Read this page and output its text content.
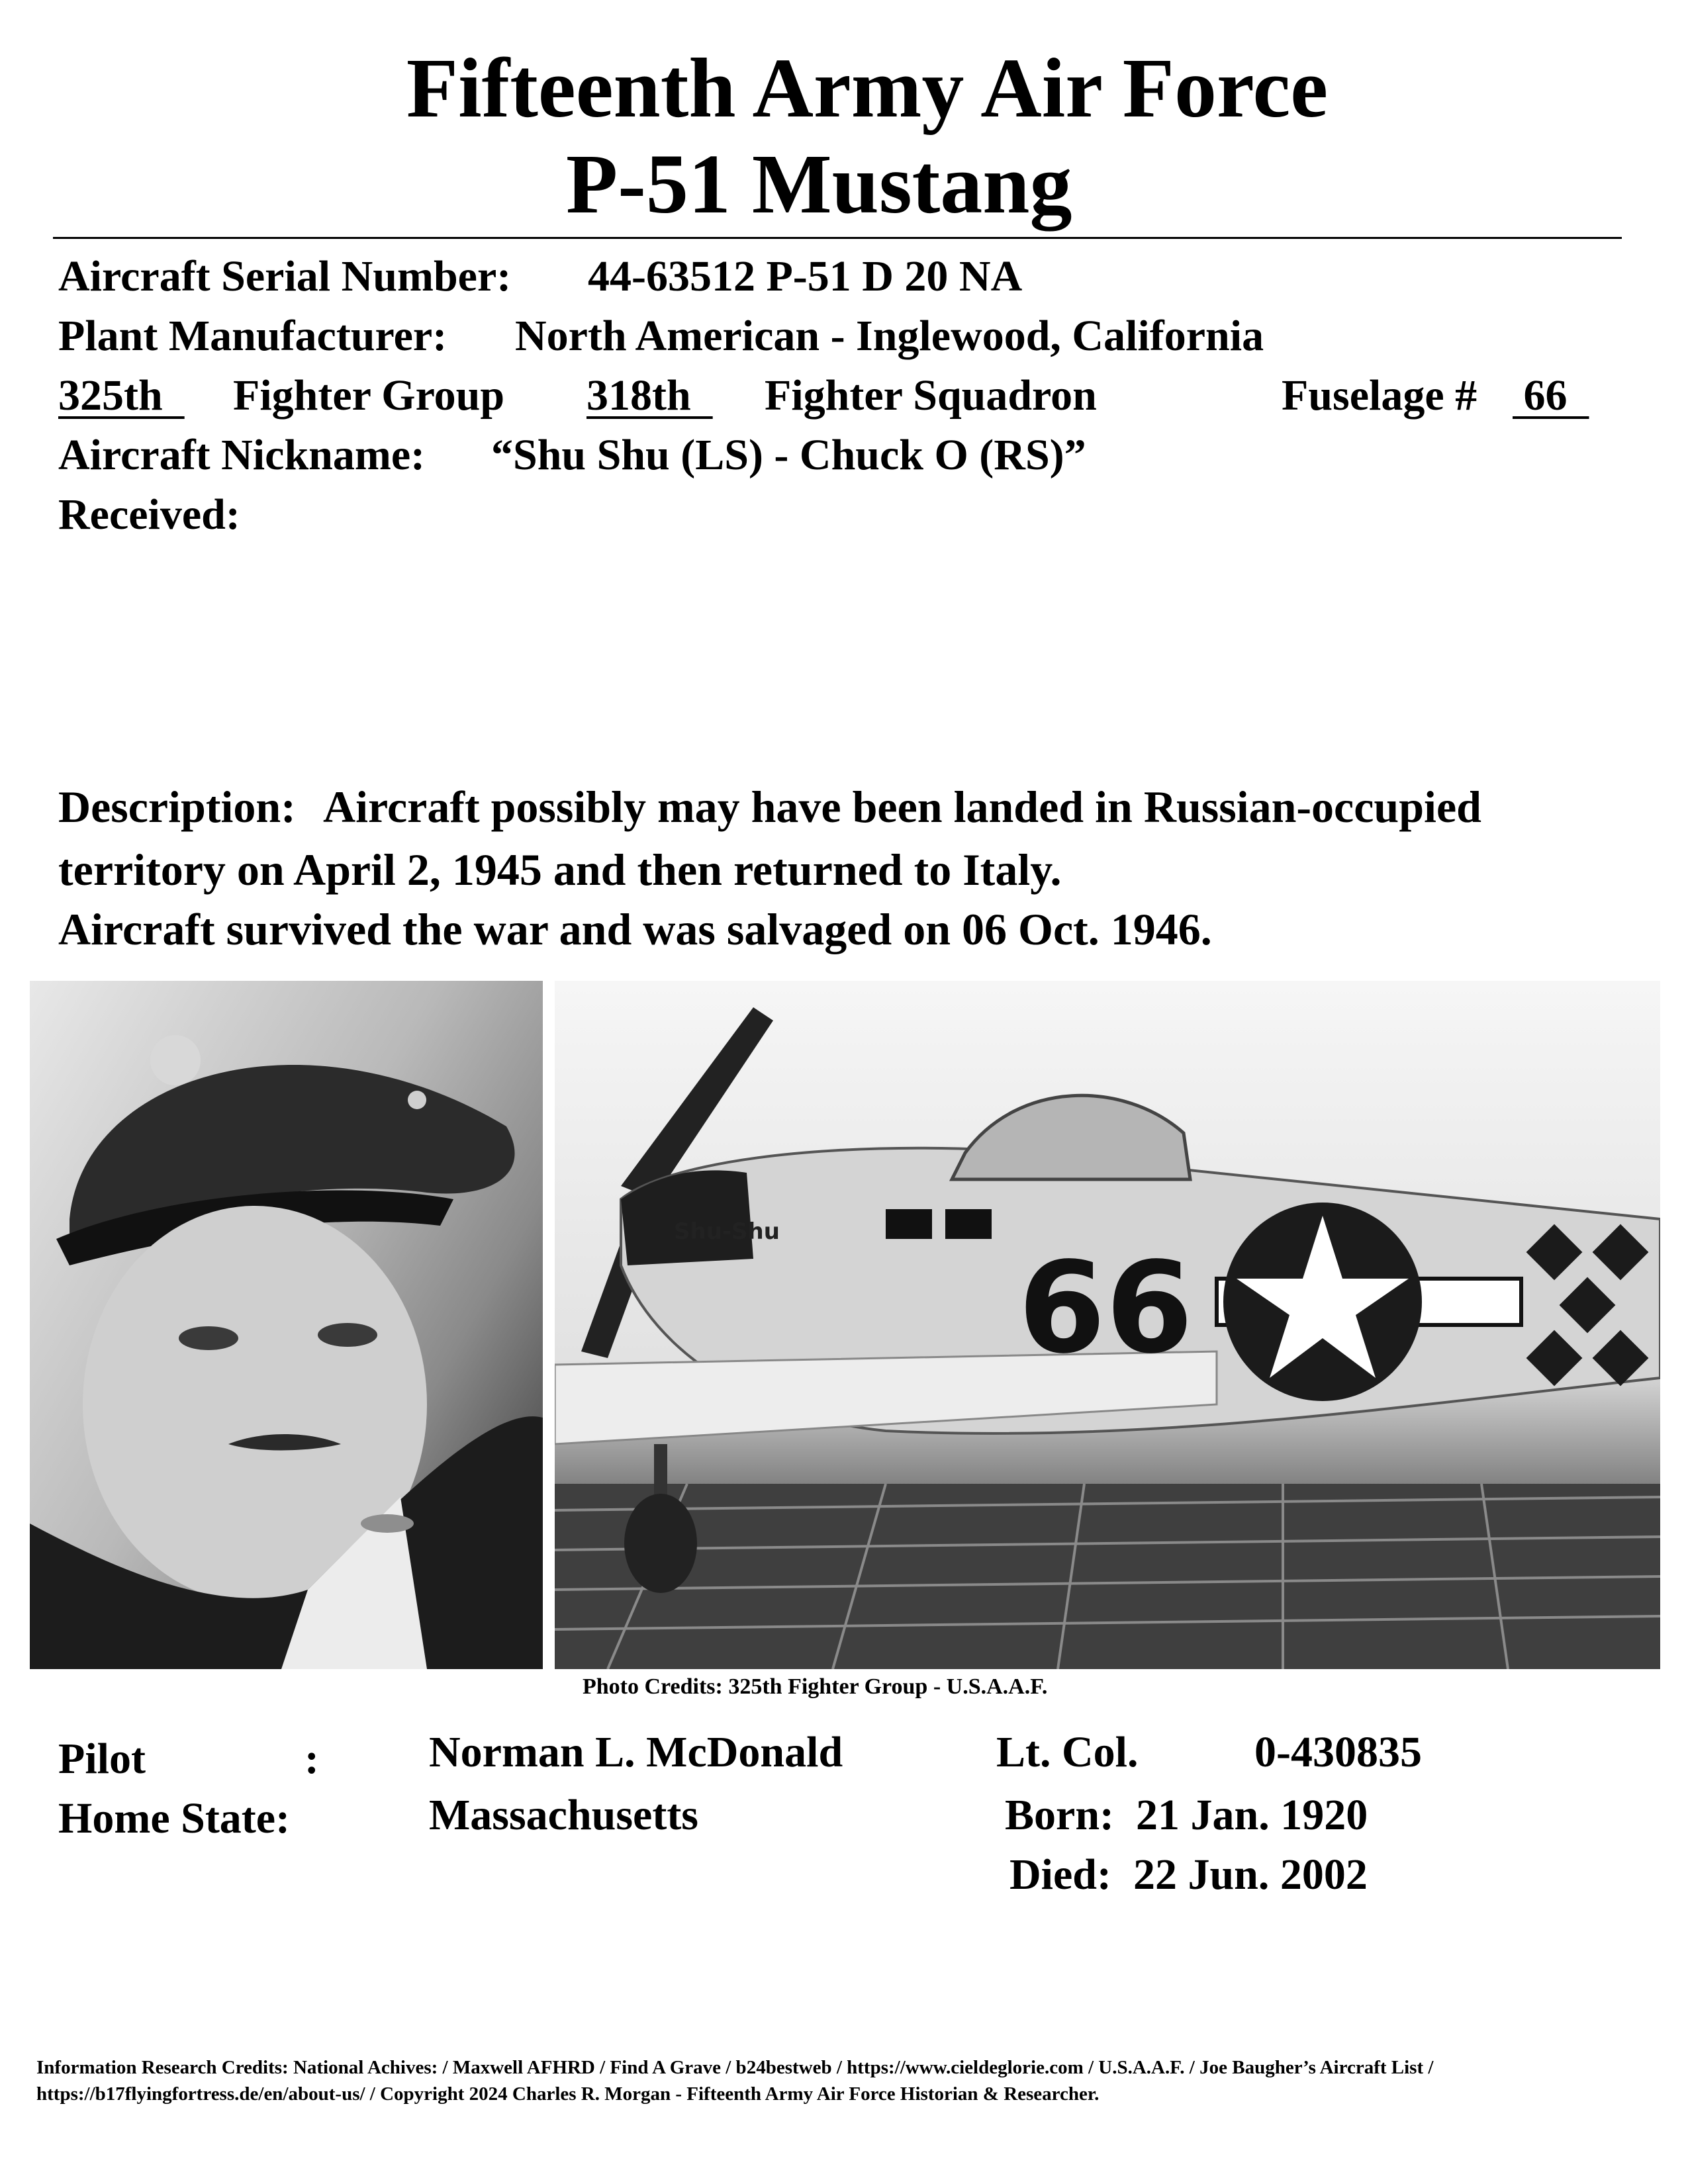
Fifteenth Army Air Force
P-51 Mustang
Aircraft Serial Number: 44-63512 P-51 D 20 NA
Plant Manufacturer: North American - Inglewood, California
325th Fighter Group 318th Fighter Squadron	Fuselage # 66
Aircraft Nickname: “Shu Shu (LS) - Chuck O (RS)”
Received:
Description: Aircraft possibly may have been landed in Russian-occupied
territory on April 2, 1945 and then returned to Italy.
Aircraft survived the war and was salvaged on 06 Oct. 1946.
Shu-Shu
66
Photo Credits: 325th Fighter Group - U.S.A.A.F.
Pilot	:	Norman L. McDonald	Lt. Col.	0-430835
Home State:	Massachusetts	Born:  21 Jan. 1920
Died:  22 Jun. 2002
Information Research Credits: National Achives: / Maxwell AFHRD / Find A Grave / b24bestweb / https://www.cieldeglorie.com / U.S.A.A.F. / Joe Baugher’s Aircraft List /
https://b17flyingfortress.de/en/about-us/ / Copyright 2024 Charles R. Morgan - Fifteenth Army Air Force Historian & Researcher.
